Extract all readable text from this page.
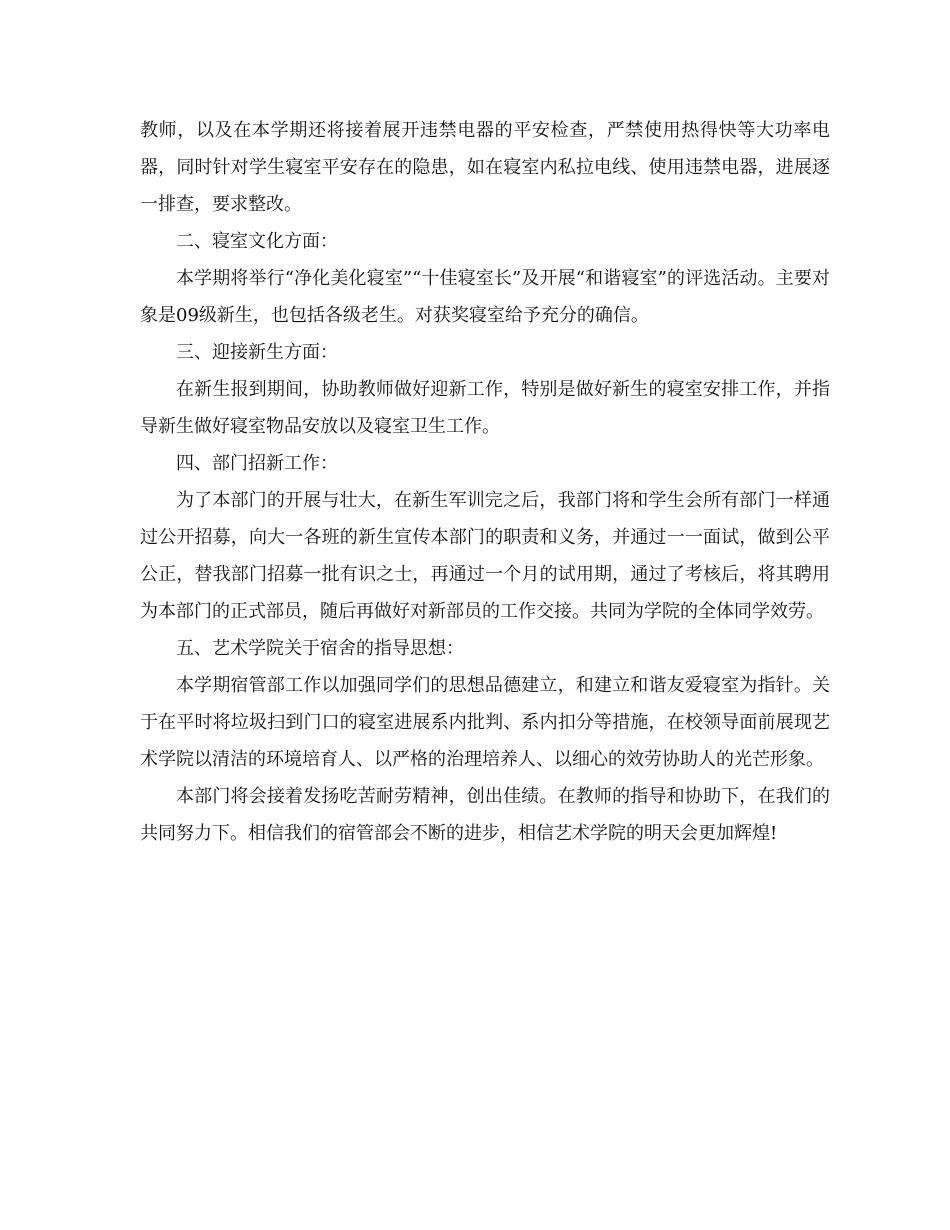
教师，以及在本学期还将接着展开违禁电器的平安检查，严禁使用热得快等大功率电器，同时针对学生寝室平安存在的隐患，如在寝室内私拉电线、使用违禁电器，进展逐一排查，要求整改。

二、寝室文化方面：

本学期将举行“净化美化寝室”“十佳寝室长”及开展“和谐寝室”的评选活动。主要对象是09级新生，也包括各级老生。对获奖寝室给予充分的确信。

三、迎接新生方面：

在新生报到期间，协助教师做好迎新工作，特别是做好新生的寝室安排工作，并指导新生做好寝室物品安放以及寝室卫生工作。

四、部门招新工作：

为了本部门的开展与壮大，在新生军训完之后，我部门将和学生会所有部门一样通过公开招募，向大一各班的新生宣传本部门的职责和义务，并通过一一面试，做到公平公正，替我部门招募一批有识之士，再通过一个月的试用期，通过了考核后，将其聘用为本部门的正式部员，随后再做好对新部员的工作交接。共同为学院的全体同学效劳。

五、艺术学院关于宿舍的指导思想：

本学期宿管部工作以加强同学们的思想品德建立，和建立和谐友爱寝室为指针。关于在平时将垃圾扫到门口的寝室进展系内批判、系内扣分等措施，在校领导面前展现艺术学院以清洁的环境培育人、以严格的治理培养人、以细心的效劳协助人的光芒形象。

本部门将会接着发扬吃苦耐劳精神，创出佳绩。在教师的指导和协助下，在我们的共同努力下。相信我们的宿管部会不断的进步，相信艺术学院的明天会更加辉煌!
